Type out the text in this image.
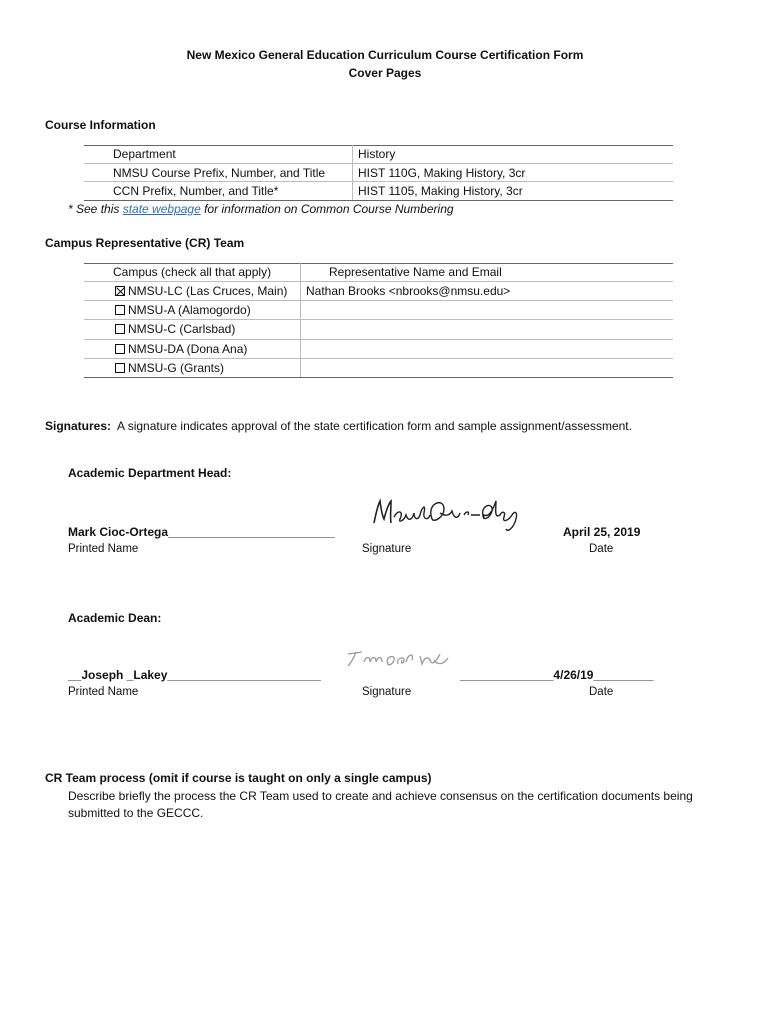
New Mexico General Education Curriculum Course Certification Form
Cover Pages
Course Information
Department	History
NMSU Course Prefix, Number, and Title	HIST 110G, Making History, 3cr
CCN Prefix, Number, and Title*	HIST 1105, Making History, 3cr
* See this state webpage for information on Common Course Numbering
Campus Representative (CR) Team
Campus (check all that apply)	Representative Name and Email
NMSU-LC (Las Cruces, Main) Nathan Brooks <nbrooks@nmsu.edu>
NMSU-A (Alamogordo)
NMSU-C (Carlsbad)
NMSU-DA (Dona Ana)
NMSU-G (Grants)
Signatures: A signature indicates approval of the state certification form and sample assignment/assessment.
Academic Department Head:
Mark Cioc-Ortega_________________________	April 25, 2019
Printed Name	Signature	Date
Academic Dean:
__Joseph _Lakey_______________________	______________4/26/19_________
Printed Name	Signature	Date
CR Team process (omit if course is taught on only a single campus)
Describe briefly the process the CR Team used to create and achieve consensus on the certification documents being
submitted to the GECCC.
